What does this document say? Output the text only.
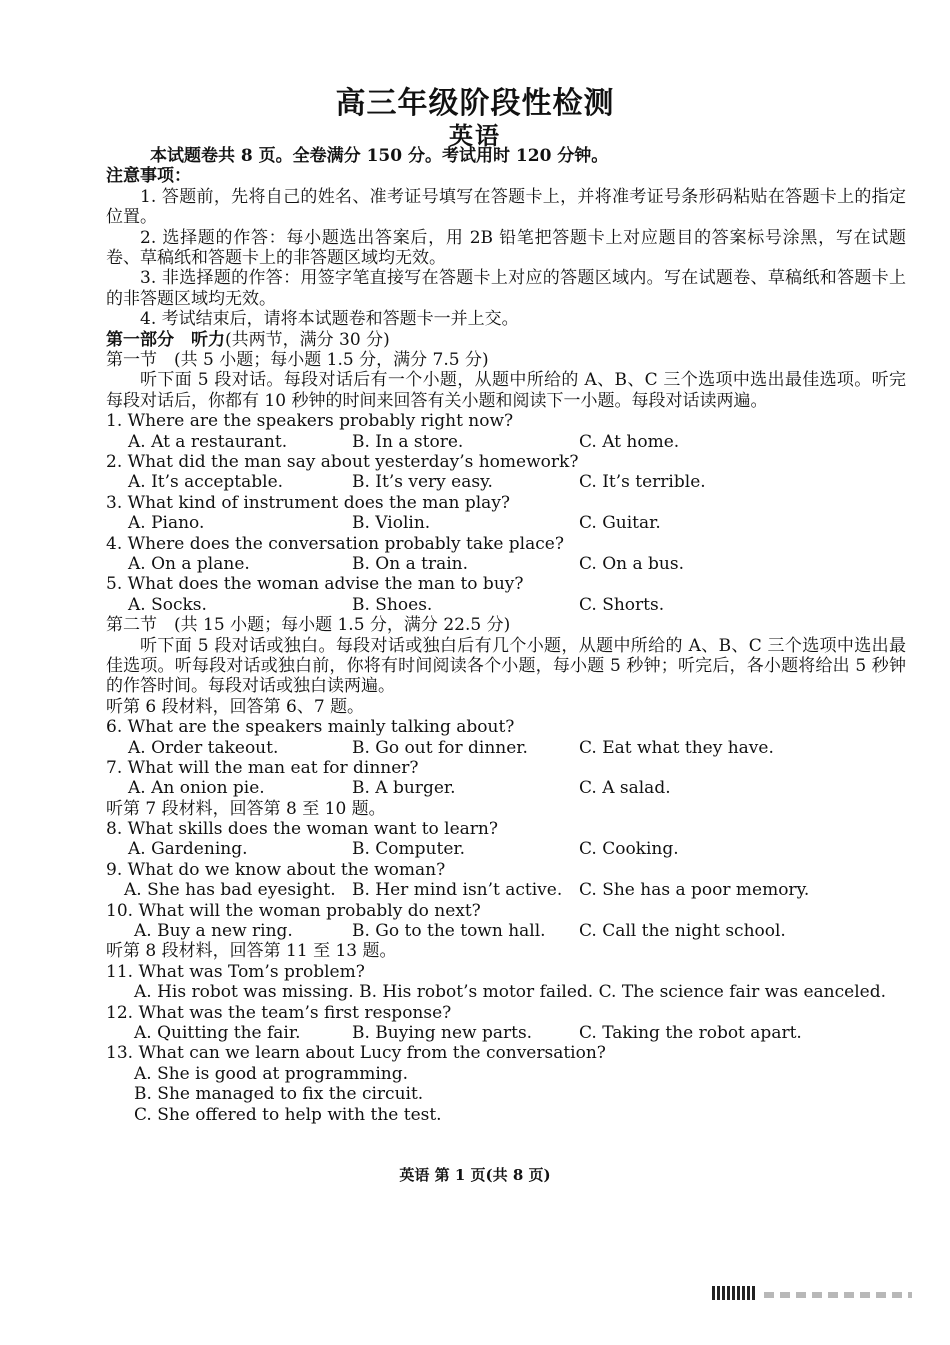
高三年级阶段性检测
英语
本试题卷共 8 页。全卷满分 150 分。考试用时 120 分钟。
注意事项：
1. 答题前，先将自己的姓名、准考证号填写在答题卡上，并将准考证号条形码粘贴在答题卡上的指定位置。
2. 选择题的作答：每小题选出答案后，用 2B 铅笔把答题卡上对应题目的答案标号涂黑，写在试题卷、草稿纸和答题卡上的非答题区域均无效。
3. 非选择题的作答：用签字笔直接写在答题卡上对应的答题区域内。写在试题卷、草稿纸和答题卡上的非答题区域均无效。
4. 考试结束后，请将本试题卷和答题卡一并上交。
第一部分　听力(共两节，满分 30 分)
第一节　(共 5 小题；每小题 1.5 分，满分 7.5 分)
听下面 5 段对话。每段对话后有一个小题，从题中所给的 A、B、C 三个选项中选出最佳选项。听完每段对话后，你都有 10 秒钟的时间来回答有关小题和阅读下一小题。每段对话读两遍。
1. Where are the speakers probably right now?
A. At a restaurant.	B. In a store.	C. At home.
2. What did the man say about yesterday’s homework?
A. It’s acceptable.	B. It’s very easy.	C. It’s terrible.
3. What kind of instrument does the man play?
A. Piano.	B. Violin.	C. Guitar.
4. Where does the conversation probably take place?
A. On a plane.	B. On a train.	C. On a bus.
5. What does the woman advise the man to buy?
A. Socks.	B. Shoes.	C. Shorts.
第二节　(共 15 小题；每小题 1.5 分，满分 22.5 分)
听下面 5 段对话或独白。每段对话或独白后有几个小题，从题中所给的 A、B、C 三个选项中选出最佳选项。听每段对话或独白前，你将有时间阅读各个小题，每小题 5 秒钟；听完后，各小题将给出 5 秒钟的作答时间。每段对话或独白读两遍。
听第 6 段材料，回答第 6、7 题。
6. What are the speakers mainly talking about?
A. Order takeout.	B. Go out for dinner.	C. Eat what they have.
7. What will the man eat for dinner?
A. An onion pie.	B. A burger.	C. A salad.
听第 7 段材料，回答第 8 至 10 题。
8. What skills does the woman want to learn?
A. Gardening.	B. Computer.	C. Cooking.
9. What do we know about the woman?
A. She has bad eyesight. B. Her mind isn’t active. C. She has a poor memory.
10. What will the woman probably do next?
A. Buy a new ring.	B. Go to the town hall. C. Call the night school.
听第 8 段材料，回答第 11 至 13 题。
11. What was Tom’s problem?
A. His robot was missing. B. His robot’s motor failed. C. The science fair was eanceled.
12. What was the team’s first response?
A. Quitting the fair.	B. Buying new parts.	C. Taking the robot apart.
13. What can we learn about Lucy from the conversation?
A. She is good at programming.
B. She managed to fix the circuit.
C. She offered to help with the test.
英语 第 1 页(共 8 页)
